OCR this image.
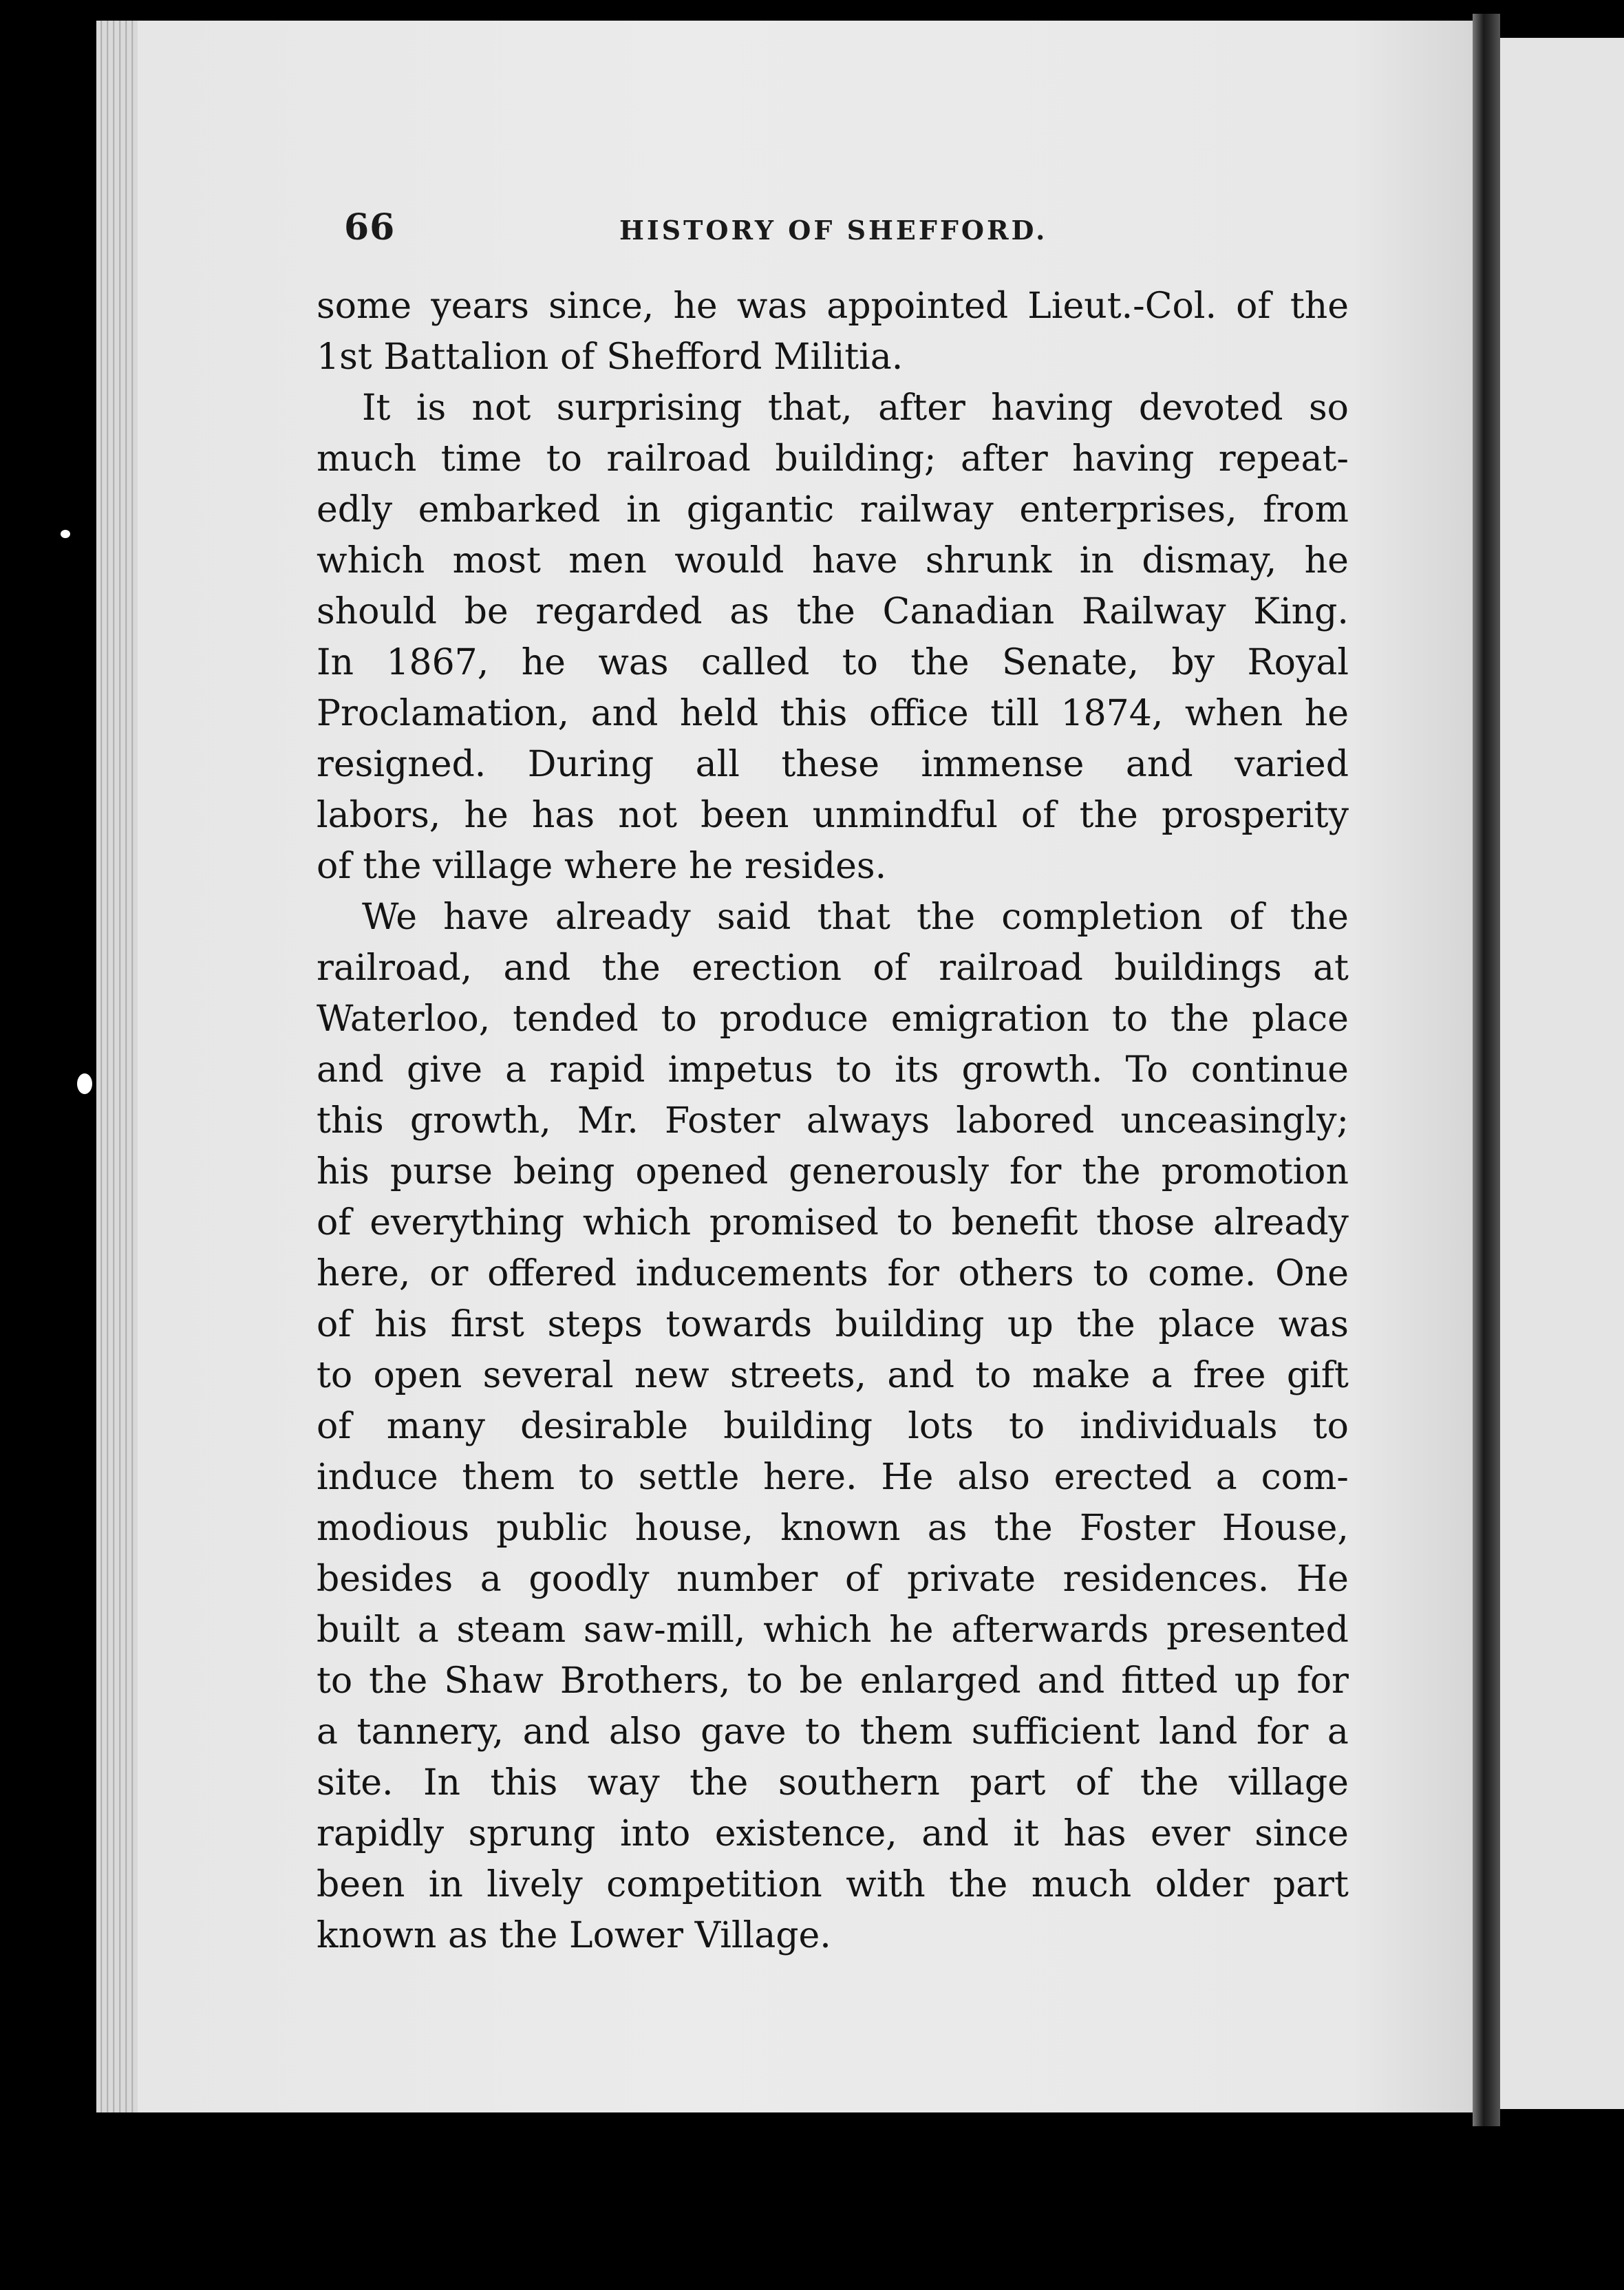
66	HISTORY OF SHEFFORD.
some years since, he was appointed Lieut.-Col. of the
1st Battalion of Shefford Militia.
It is not surprising that, after having devoted so
much time to railroad building; after having repeat-
edly embarked in gigantic railway enterprises, from
which most men would have shrunk in dismay, he
should be regarded as the Canadian Railway King.
In 1867, he was called to the Senate, by Royal
Proclamation, and held this office till 1874, when he
resigned. During all these immense and varied
labors, he has not been unmindful of the prosperity
of the village where he resides.
We have already said that the completion of the
railroad, and the erection of railroad buildings at
Waterloo, tended to produce emigration to the place
and give a rapid impetus to its growth. To continue
this growth, Mr. Foster always labored unceasingly;
his purse being opened generously for the promotion
of everything which promised to benefit those already
here, or offered inducements for others to come. One
of his first steps towards building up the place was
to open several new streets, and to make a free gift
of many desirable building lots to individuals to
induce them to settle here. He also erected a com-
modious public house, known as the Foster House,
besides a goodly number of private residences. He
built a steam saw-mill, which he afterwards presented
to the Shaw Brothers, to be enlarged and fitted up for
a tannery, and also gave to them sufficient land for a
site. In this way the southern part of the village
rapidly sprung into existence, and it has ever since
been in lively competition with the much older part
known as the Lower Village.
